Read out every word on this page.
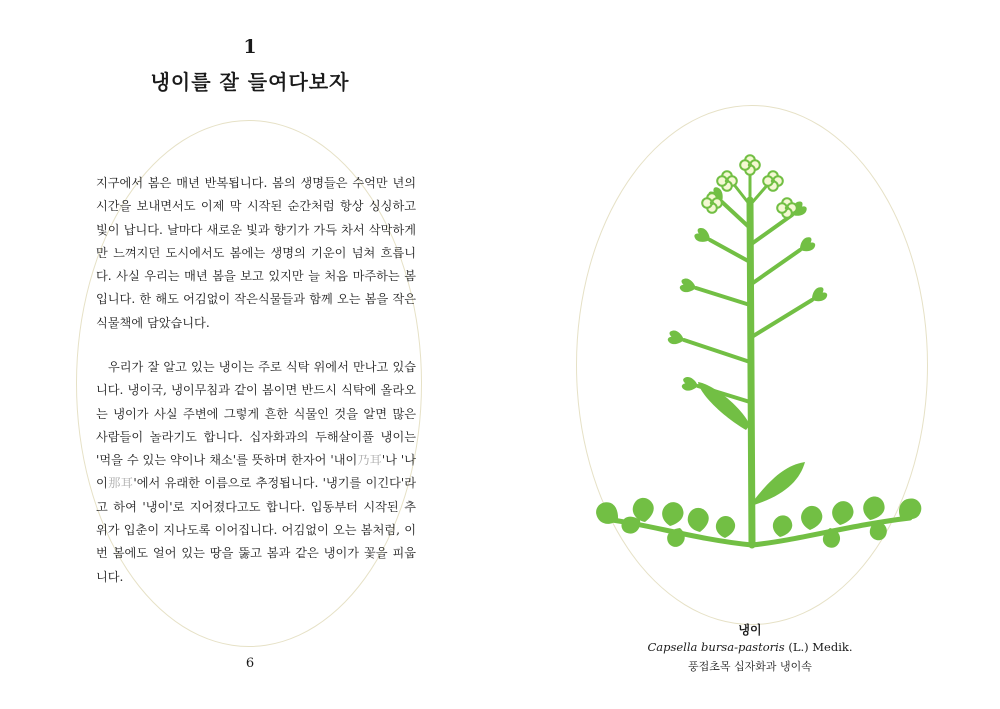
1
냉이를 잘 들여다보자

지구에서 봄은 매년 반복됩니다. 봄의 생명들은 수억만 년의 시간을 보내면서도 이제 막 시작된 순간처럼 항상 싱싱하고 빛이 납니다. 날마다 새로운 빛과 향기가 가득 차서 삭막하게만 느껴지던 도시에서도 봄에는 생명의 기운이 넘쳐 흐릅니다. 사실 우리는 매년 봄을 보고 있지만 늘 처음 마주하는 봄입니다. 한 해도 어김없이 작은식물들과 함께 오는 봄을 작은식물책에 담았습니다.

우리가 잘 알고 있는 냉이는 주로 식탁 위에서 만나고 있습니다. 냉이국, 냉이무침과 같이 봄이면 반드시 식탁에 올라오는 냉이가 사실 주변에 그렇게 흔한 식물인 것을 알면 많은 사람들이 놀라기도 합니다. 십자화과의 두해살이풀 냉이는 '먹을 수 있는 약이나 채소'를 뜻하며 한자어 '내이乃耳'나 '나이那耳'에서 유래한 이름으로 추정됩니다. '냉기를 이긴다'라고 하여 '냉이'로 지어졌다고도 합니다. 입동부터 시작된 추위가 입춘이 지나도록 이어집니다. 어김없이 오는 봄처럼, 이번 봄에도 얼어 있는 땅을 뚫고 봄과 같은 냉이가 꽃을 피웁니다.

6
냉이
Capsella bursa-pastoris (L.) Medik.
풍접초목 십자화과 냉이속
